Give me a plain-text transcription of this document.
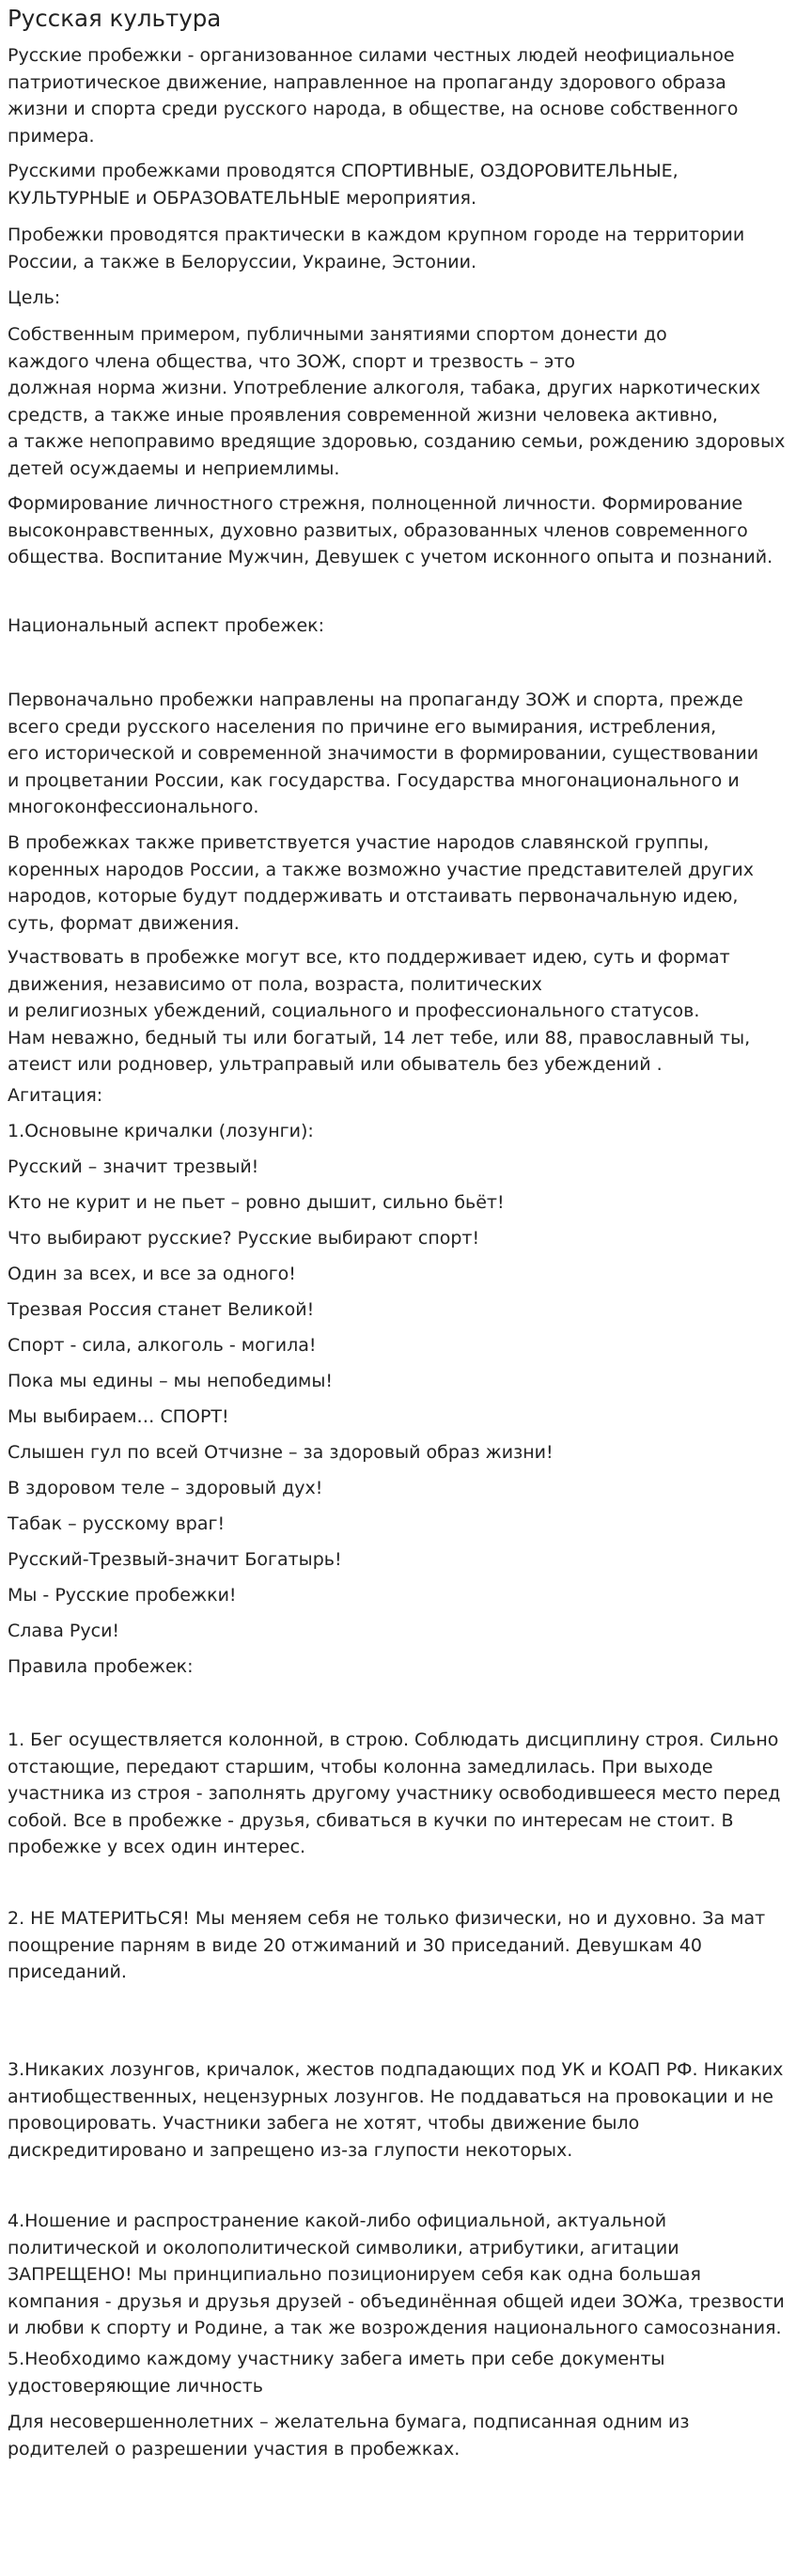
Русская культура
Русские пробежки - организованное силами честных людей неофициальное
патриотическое движение, направленное на пропаганду здорового образа
жизни и спорта среди русского народа, в обществе, на основе собственного
примера.
Русскими пробежками проводятся СПОРТИВНЫЕ, ОЗДОРОВИТЕЛЬНЫЕ,
КУЛЬТУРНЫЕ и ОБРАЗОВАТЕЛЬНЫЕ мероприятия.
Пробежки проводятся практически в каждом крупном городе на территории
России, а также в Белоруссии, Украине, Эстонии.
Цель:
Собственным примером, публичными занятиями спортом донести до
каждого члена общества, что ЗОЖ, спорт и трезвость – это
должная норма жизни. Употребление алкоголя, табака, других наркотических
средств, а также иные проявления современной жизни человека активно,
а также непоправимо вредящие здоровью, созданию семьи, рождению здоровых
детей осуждаемы и неприемлимы.
Формирование личностного стрежня, полноценной личности. Формирование
высоконравственных, духовно развитых, образованных членов современного
общества. Воспитание Мужчин, Девушек с учетом исконного опыта и познаний.
Национальный аспект пробежек:
Первоначально пробежки направлены на пропаганду ЗОЖ и спорта, прежде
всего среди русского населения по причине его вымирания, истребления,
его исторической и современной значимости в формировании, существовании
и процветании России, как государства. Государства многонационального и
многоконфессионального.
В пробежках также приветствуется участие народов славянской группы,
коренных народов России, а также возможно участие представителей других
народов, которые будут поддерживать и отстаивать первоначальную идею,
суть, формат движения.
Участвовать в пробежке могут все, кто поддерживает идею, суть и формат
движения, независимо от пола, возраста, политических
и религиозных убеждений, социального и профессионального статусов.
Нам неважно, бедный ты или богатый, 14 лет тебе, или 88, православный ты,
атеист или родновер, ультраправый или обыватель без убеждений .
Агитация:
1.Основыне кричалки (лозунги):
Русский – значит трезвый!
Кто не курит и не пьет – ровно дышит, сильно бьёт!
Что выбирают русские? Русские выбирают спорт!
Один за всех, и все за одного!
Трезвая Россия станет Великой!
Спорт - сила, алкоголь - могила!
Пока мы едины – мы непобедимы!
Мы выбираем… СПОРТ!
Слышен гул по всей Отчизне – за здоровый образ жизни!
В здоровом теле – здоровый дух!
Табак – русскому враг!
Русский-Трезвый-значит Богатырь!
Мы - Русские пробежки!
Слава Руси!
Правила пробежек:
1. Бег осуществляется колонной, в строю. Соблюдать дисциплину строя. Сильно
отстающие, передают старшим, чтобы колонна замедлилась. При выходе
участника из строя - заполнять другому участнику освободившееся место перед
собой. Все в пробежке - друзья, сбиваться в кучки по интересам не стоит. В
пробежке у всех один интерес.
2. НЕ МАТЕРИТЬСЯ! Мы меняем себя не только физически, но и духовно. За мат
поощрение парням в виде 20 отжиманий и 30 приседаний. Девушкам 40
приседаний.
3.Никаких лозунгов, кричалок, жестов подпадающих под УК и КОАП РФ. Никаких
антиобщественных, нецензурных лозунгов. Не поддаваться на провокации и не
провоцировать. Участники забега не хотят, чтобы движение было
дискредитировано и запрещено из-за глупости некоторых.
4.Ношение и распространение какой-либо официальной, актуальной
политической и околополитической символики, атрибутики, агитации
ЗАПРЕЩЕНО! Мы принципиально позиционируем себя как одна большая
компания - друзья и друзья друзей - объединённая общей идеи ЗОЖа, трезвости
и любви к спорту и Родине, а так же возрождения национального самосознания.
5.Необходимо каждому участнику забега иметь при себе документы
удостоверяющие личность
Для несовершеннолетних – желательна бумага, подписанная одним из
родителей о разрешении участия в пробежках.
